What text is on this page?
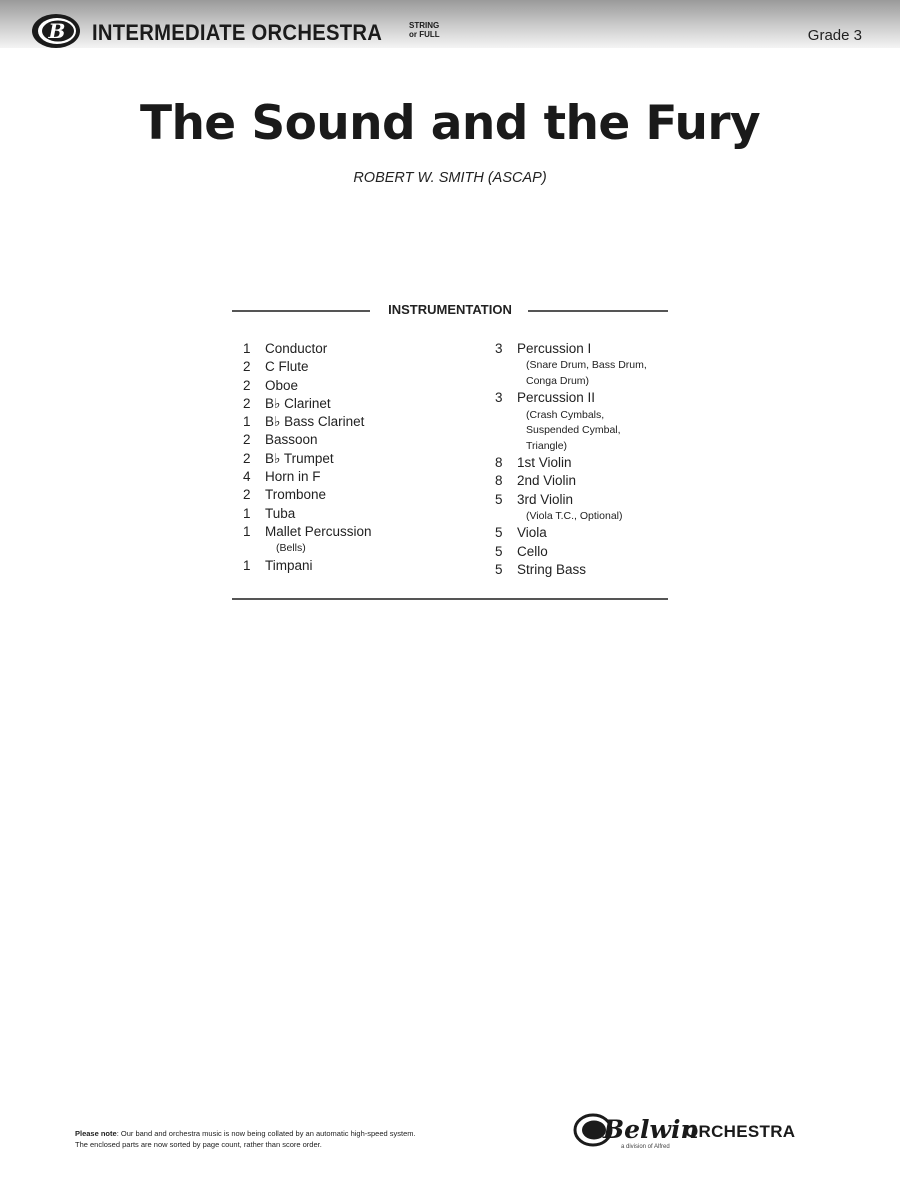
B INTERMEDIATE ORCHESTRA	STRING
or FULL	Grade 3
The Sound and the Fury
ROBERT W. SMITH (ASCAP)
INSTRUMENTATION
1	Conductor
2	C Flute
2	Oboe
2	B♭ Clarinet
1	B♭ Bass Clarinet
2	Bassoon
2	B♭ Trumpet
4	Horn in F
2	Trombone
1	Tuba
1	Mallet Percussion
(Bells)
1	Timpani
3	Percussion I
(Snare Drum, Bass Drum,
Conga Drum)
3	Percussion II
(Crash Cymbals,
Suspended Cymbal,
Triangle)
8	1st Violin
8	2nd Violin
5	3rd Violin
(Viola T.C., Optional)
5	Viola
5	Cello
5	String Bass
Please note: Our band and orchestra music is now being collated by an automatic high-speed system.
The enclosed parts are now sorted by page count, rather than score order.
Belwin
ORCHESTRA
a division of Alfred
